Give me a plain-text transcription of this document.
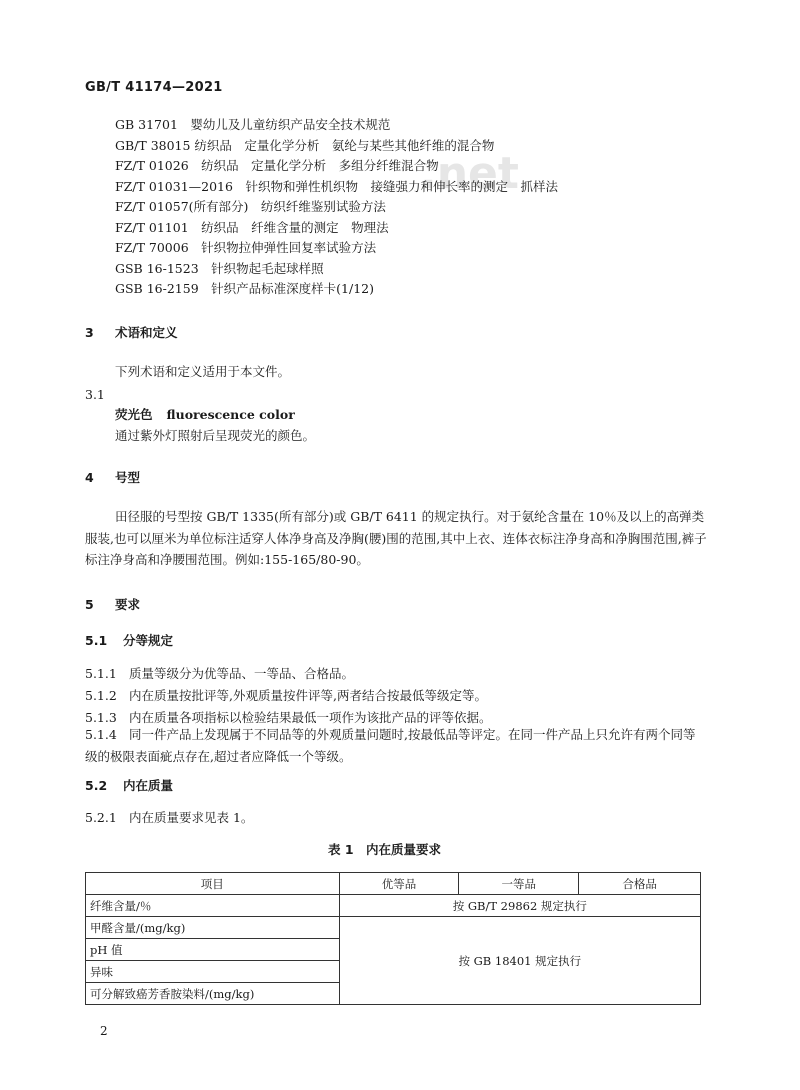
.net
GB/T 41174—2021
GB 31701　婴幼儿及儿童纺织产品安全技术规范
GB/T 38015 纺织品　定量化学分析　氨纶与某些其他纤维的混合物
FZ/T 01026　纺织品　定量化学分析　多组分纤维混合物
FZ/T 01031—2016　针织物和弹性机织物　接缝强力和伸长率的测定　抓样法
FZ/T 01057(所有部分)　纺织纤维鉴别试验方法
FZ/T 01101　纺织品　纤维含量的测定　物理法
FZ/T 70006　针织物拉伸弹性回复率试验方法
GSB 16-1523　针织物起毛起球样照
GSB 16-2159　针织产品标准深度样卡(1/12)
3 术语和定义
下列术语和定义适用于本文件。
3.1
荧光色 fluorescence color
通过紫外灯照射后呈现荧光的颜色。
4 号型
田径服的号型按 GB/T 1335(所有部分)或 GB/T 6411 的规定执行。对于氨纶含量在 10％及以上的高弹类服装,也可以厘米为单位标注适穿人体净身高及净胸(腰)围的范围,其中上衣、连体衣标注净身高和净胸围范围,裤子标注净身高和净腰围范围。例如:155-165/80-90。
5 要求
5.1 分等规定
5.1.1 质量等级分为优等品、一等品、合格品。
5.1.2 内在质量按批评等,外观质量按件评等,两者结合按最低等级定等。
5.1.3 内在质量各项指标以检验结果最低一项作为该批产品的评等依据。
5.1.4 同一件产品上发现属于不同品等的外观质量问题时,按最低品等评定。在同一件产品上只允许有两个同等级的极限表面疵点存在,超过者应降低一个等级。
5.2 内在质量
5.2.1 内在质量要求见表 1。
表 1　内在质量要求
项目	优等品	一等品	合格品
纤维含量/％	按 GB/T 29862 规定执行		
甲醛含量/(mg/kg)	按 GB 18401 规定执行		
pH 值			
异味			
可分解致癌芳香胺染料/(mg/kg)			
2
